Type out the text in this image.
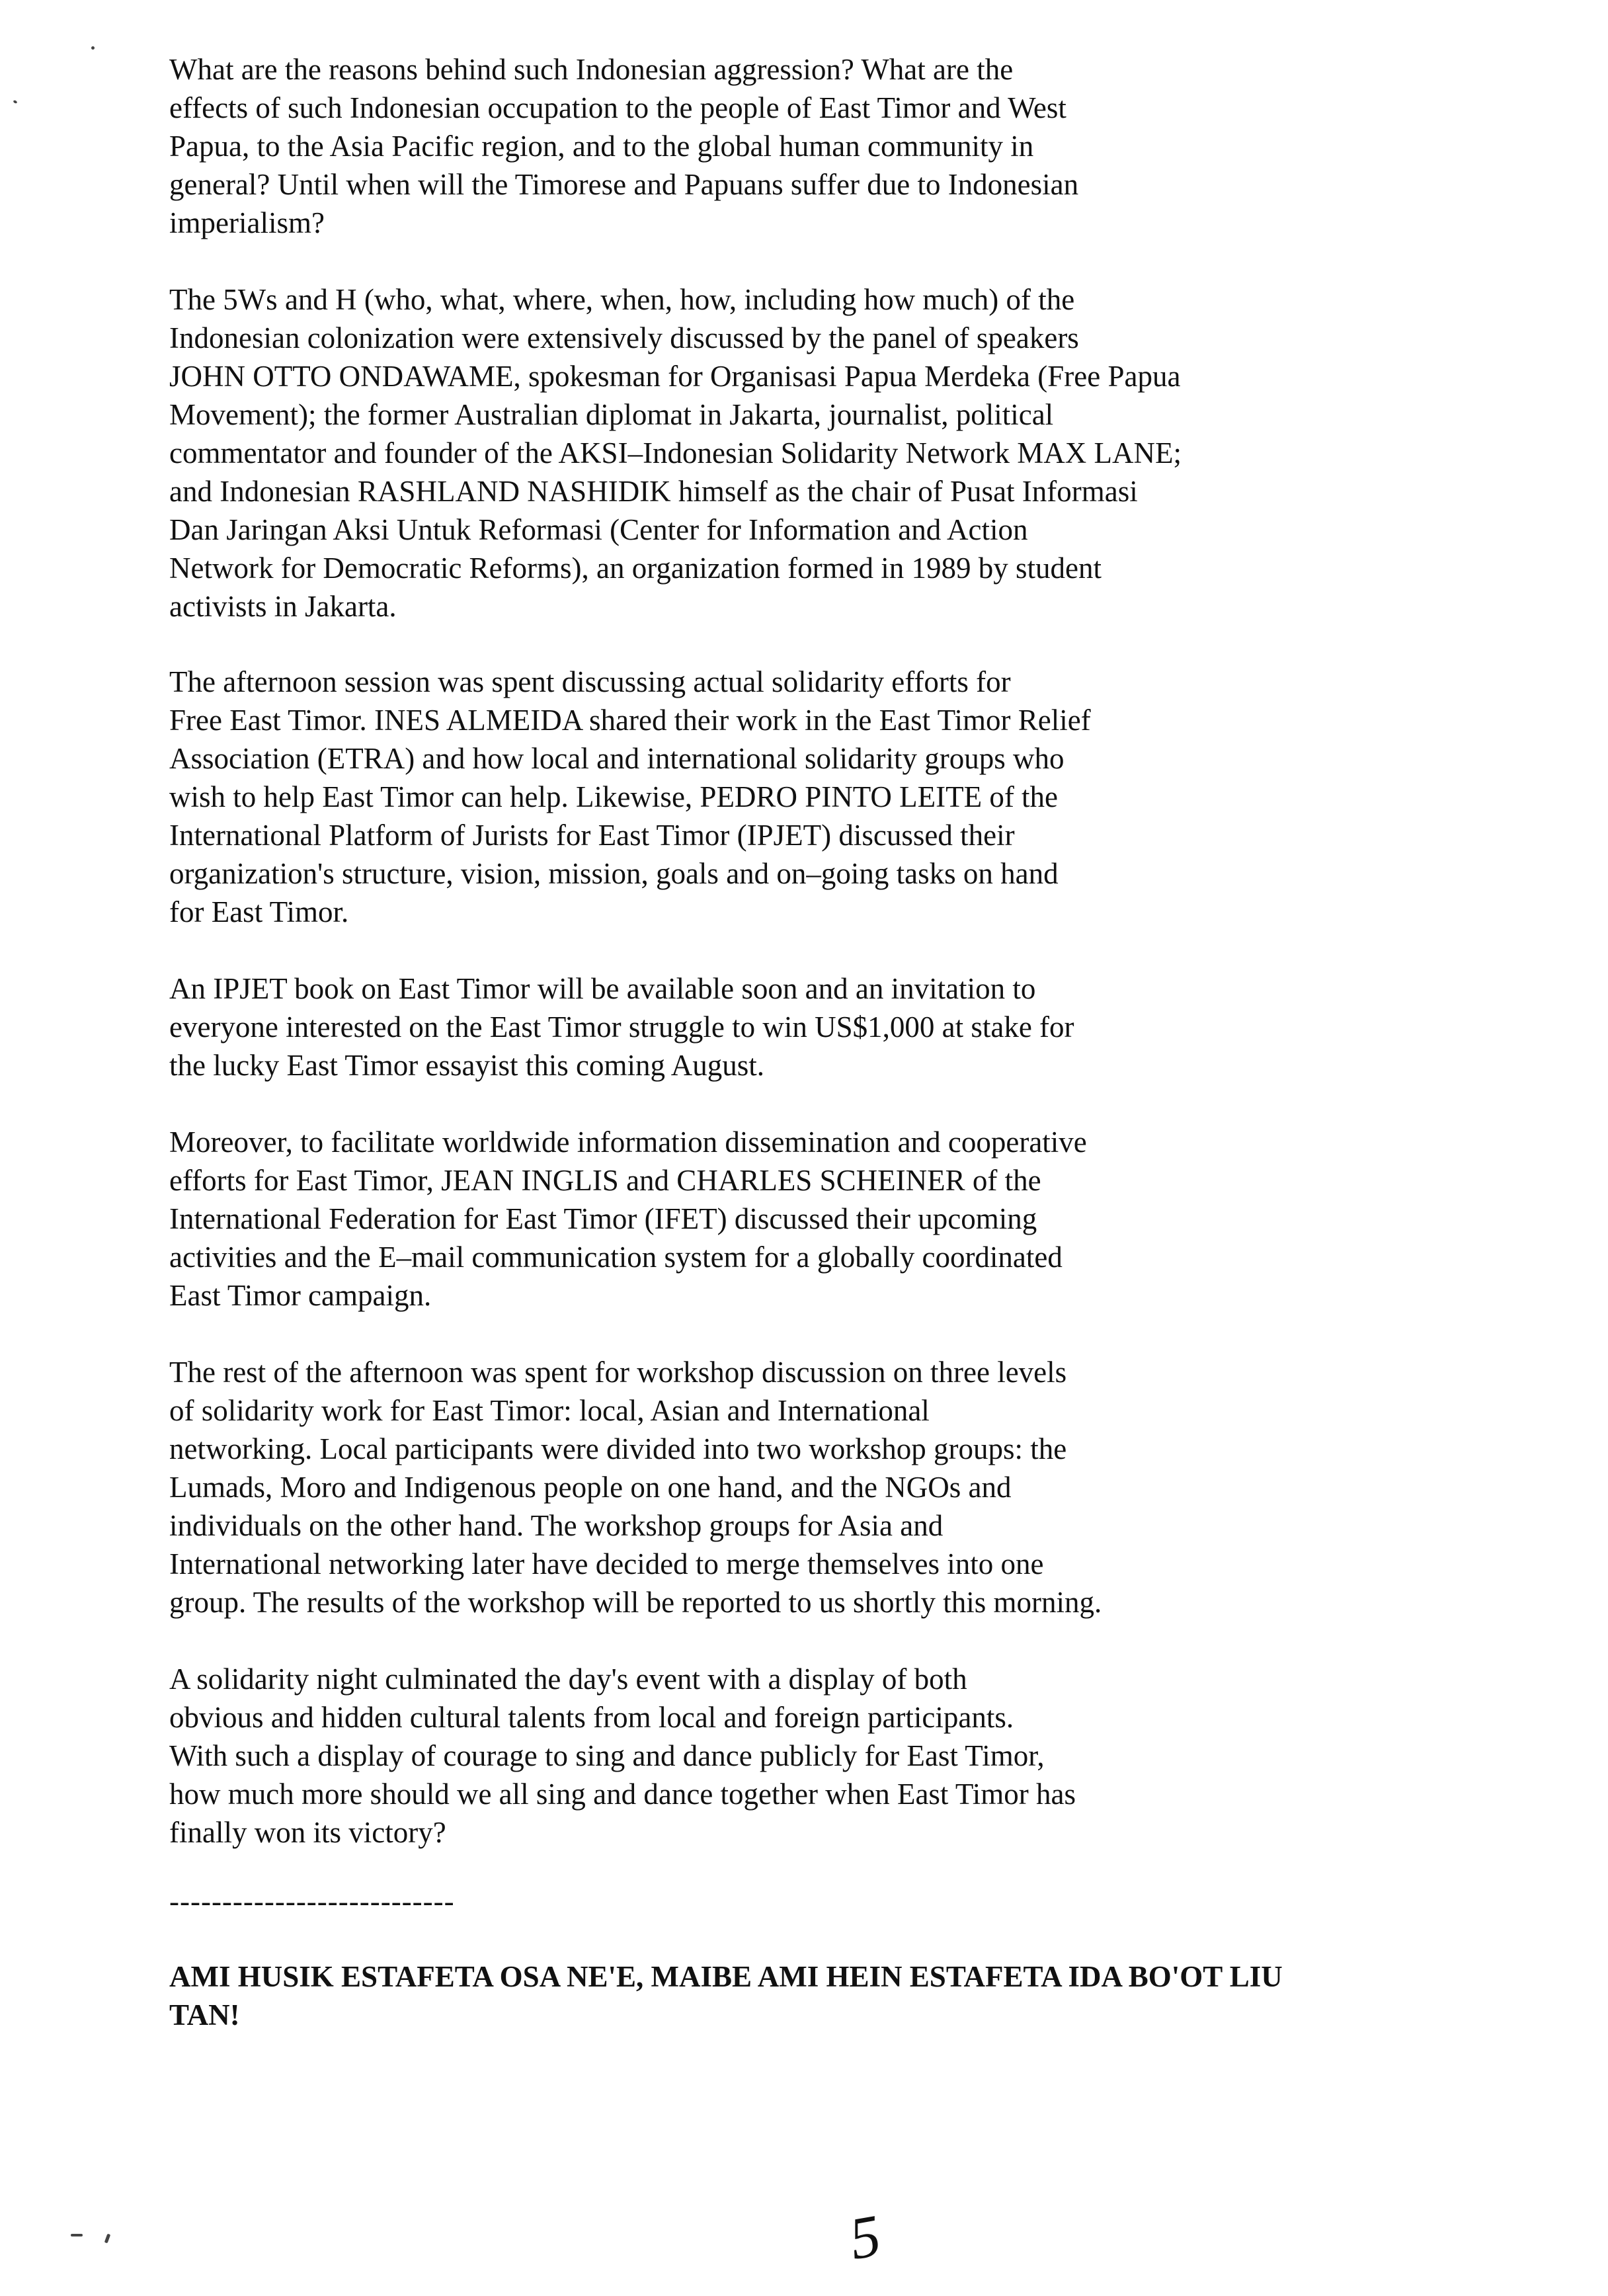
What are the reasons behind such Indonesian aggression? What are the
effects of such Indonesian occupation to the people of East Timor and West
Papua, to the Asia Pacific region, and to the global human community in
general? Until when will the Timorese and Papuans suffer due to Indonesian
imperialism?

The 5Ws and H (who, what, where, when, how, including how much) of the
Indonesian colonization were extensively discussed by the panel of speakers
JOHN OTTO ONDAWAME, spokesman for Organisasi Papua Merdeka (Free Papua
Movement); the former Australian diplomat in Jakarta, journalist, political
commentator and founder of the AKSI–Indonesian Solidarity Network MAX LANE;
and Indonesian RASHLAND NASHIDIK himself as the chair of Pusat Informasi
Dan Jaringan Aksi Untuk Reformasi (Center for Information and Action
Network for Democratic Reforms), an organization formed in 1989 by student
activists in Jakarta.

The afternoon session was spent discussing actual solidarity efforts for
Free East Timor. INES ALMEIDA shared their work in the East Timor Relief
Association (ETRA) and how local and international solidarity groups who
wish to help East Timor can help. Likewise, PEDRO PINTO LEITE of the
International Platform of Jurists for East Timor (IPJET) discussed their
organization's structure, vision, mission, goals and on–going tasks on hand
for East Timor.

An IPJET book on East Timor will be available soon and an invitation to
everyone interested on the East Timor struggle to win US$1,000 at stake for
the lucky East Timor essayist this coming August.

Moreover, to facilitate worldwide information dissemination and cooperative
efforts for East Timor, JEAN INGLIS and CHARLES SCHEINER of the
International Federation for East Timor (IFET) discussed their upcoming
activities and the E–mail communication system for a globally coordinated
East Timor campaign.

The rest of the afternoon was spent for workshop discussion on three levels
of solidarity work for East Timor: local, Asian and International
networking. Local participants were divided into two workshop groups: the
Lumads, Moro and Indigenous people on one hand, and the NGOs and
individuals on the other hand. The workshop groups for Asia and
International networking later have decided to merge themselves into one
group. The results of the workshop will be reported to us shortly this morning.

A solidarity night culminated the day's event with a display of both
obvious and hidden cultural talents from local and foreign participants.
With such a display of courage to sing and dance publicly for East Timor,
how much more should we all sing and dance together when East Timor has
finally won its victory?

---------------------------

AMI HUSIK ESTAFETA OSA NE'E, MAIBE AMI HEIN ESTAFETA IDA BO'OT LIU
TAN!

5
